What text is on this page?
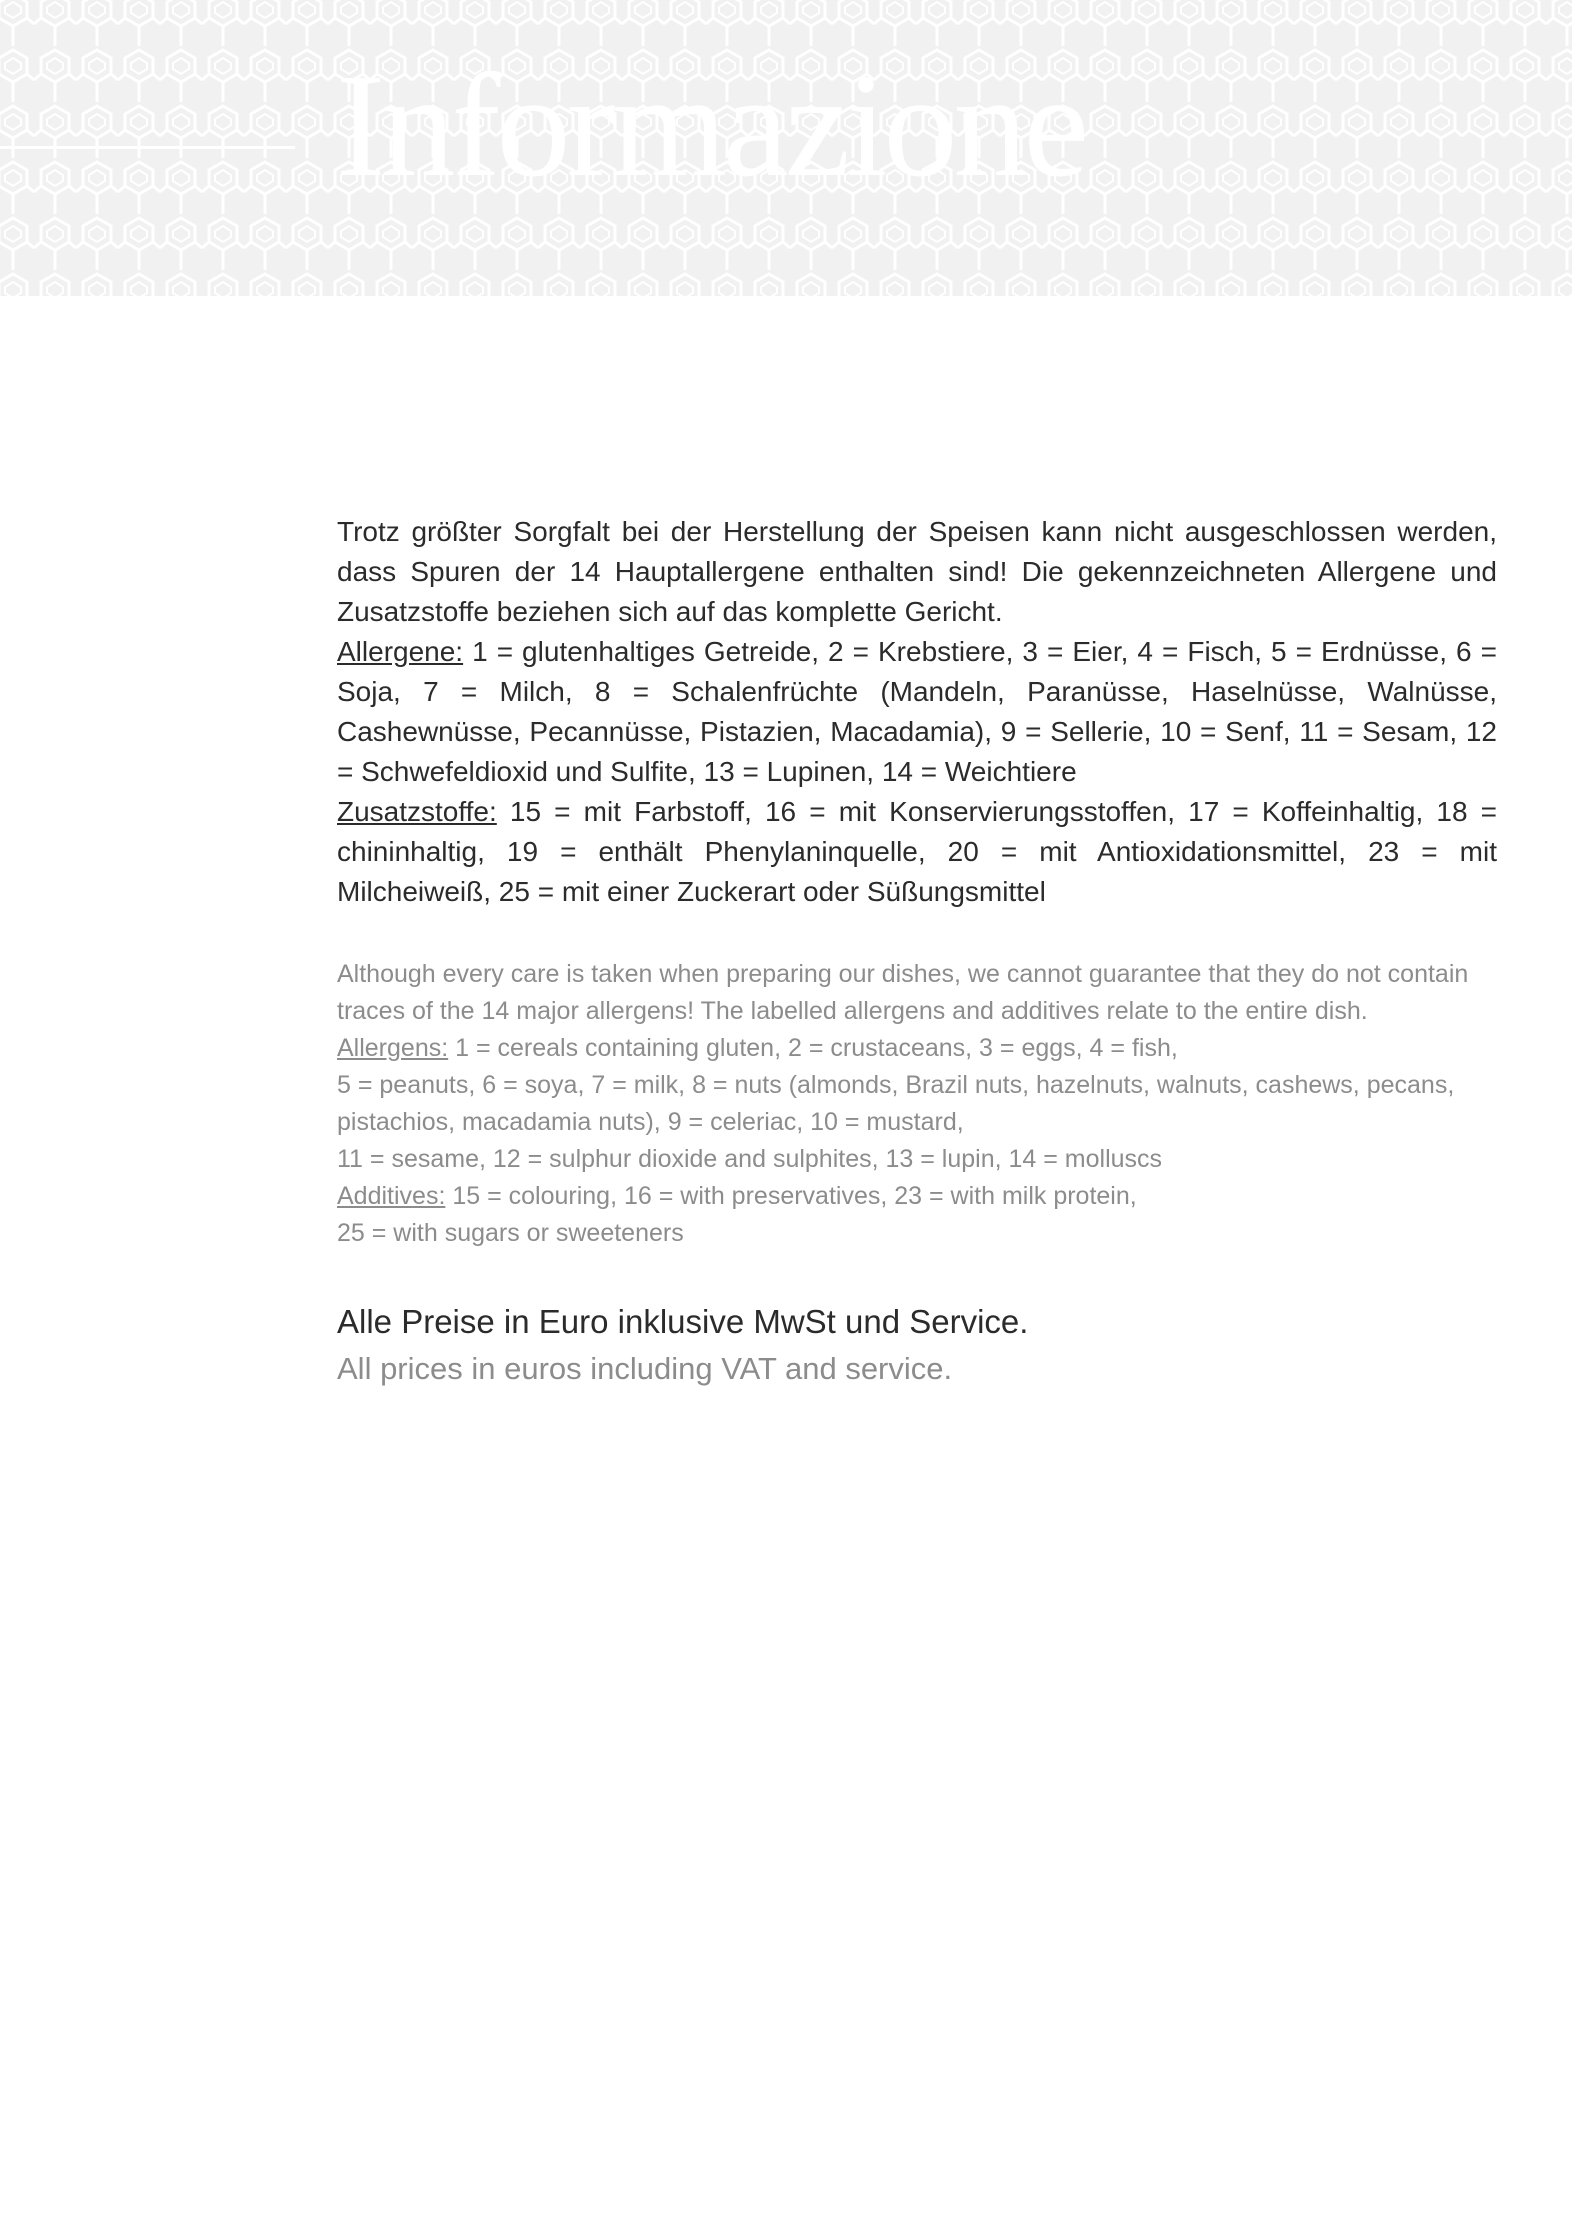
Informazione

Trotz größter Sorgfalt bei der Herstellung der Speisen kann nicht ausgeschlossen werden, dass Spuren der 14 Hauptallergene enthalten sind! Die gekennzeichneten Allergene und Zusatzstoffe beziehen sich auf das komplette Gericht.

Allergene: 1 = glutenhaltiges Getreide, 2 = Krebstiere, 3 = Eier, 4 = Fisch, 5 = Erdnüsse, 6 = Soja, 7 = Milch, 8 = Schalenfrüchte (Mandeln, Paranüsse, Haselnüsse, Walnüsse, Cashewnüsse, Pecannüsse, Pistazien, Macadamia), 9 = Sellerie, 10 = Senf, 11 = Sesam, 12 = Schwefeldioxid und Sulfite, 13 = Lupinen, 14 = Weichtiere

Zusatzstoffe: 15 = mit Farbstoff, 16 = mit Konservierungsstoffen, 17 = Koffeinhaltig, 18 = chininhaltig, 19 = enthält Phenylaninquelle, 20 = mit Antioxidationsmittel, 23 = mit Milcheiweiß, 25 = mit einer Zuckerart oder Süßungsmittel

Although every care is taken when preparing our dishes, we cannot guarantee that they do not contain traces of the 14 major allergens! The labelled allergens and additives relate to the entire dish.

Allergens: 1 = cereals containing gluten, 2 = crustaceans, 3 = eggs, 4 = fish,

5 = peanuts, 6 = soya, 7 = milk, 8 = nuts (almonds, Brazil nuts, hazelnuts, walnuts, cashews, pecans, pistachios, macadamia nuts), 9 = celeriac, 10 = mustard,

11 = sesame, 12 = sulphur dioxide and sulphites, 13 = lupin, 14 = molluscs

Additives: 15 = colouring, 16 = with preservatives, 23 = with milk protein,

25 = with sugars or sweeteners

Alle Preise in Euro inklusive MwSt und Service.

All prices in euros including VAT and service.
